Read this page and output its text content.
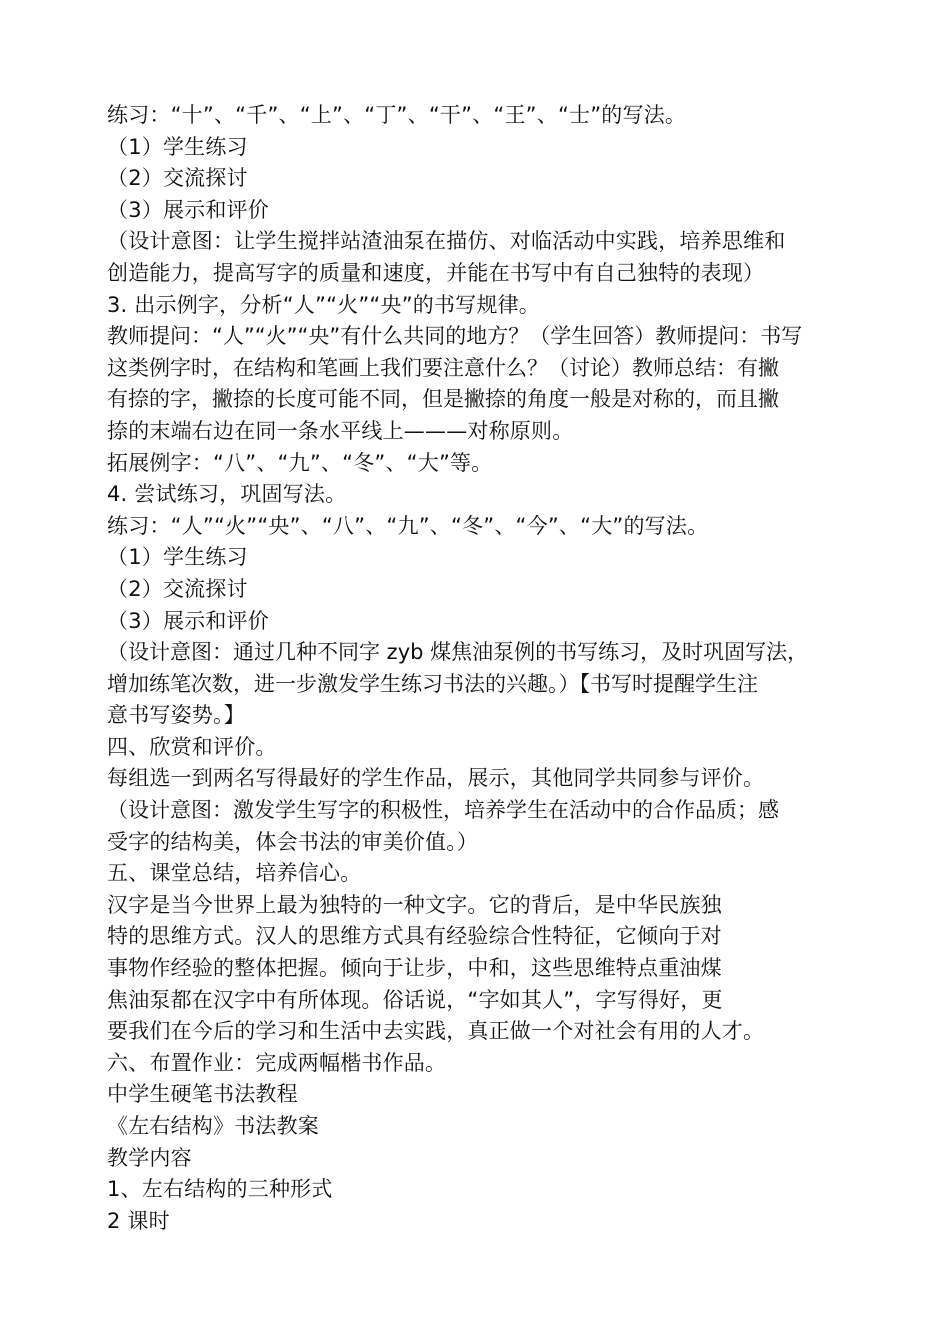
练习：“十”、“千”、“上”、“丁”、“干”、“王”、“士”的写法。
（1）学生练习
（2）交流探讨
（3）展示和评价
（设计意图：让学生搅拌站渣油泵在描仿、对临活动中实践，培养思维和
创造能力，提高写字的质量和速度，并能在书写中有自己独特的表现）
3. 出示例字，分析“人”“火”“央”的书写规律。
教师提问：“人”“火”“央”有什么共同的地方？（学生回答）教师提问：书写
这类例字时，在结构和笔画上我们要注意什么？（讨论）教师总结：有撇
有捺的字，撇捺的长度可能不同，但是撇捺的角度一般是对称的，而且撇
捺的末端右边在同一条水平线上———对称原则。
拓展例字：“八”、“九”、“冬”、“大”等。
4. 尝试练习，巩固写法。
练习：“人”“火”“央”、“八”、“九”、“冬”、“今”、“大”的写法。
（1）学生练习
（2）交流探讨
（3）展示和评价
（设计意图：通过几种不同字 zyb 煤焦油泵例的书写练习，及时巩固写法，
增加练笔次数，进一步激发学生练习书法的兴趣。）【书写时提醒学生注
意书写姿势。】
四、欣赏和评价。
每组选一到两名写得最好的学生作品，展示，其他同学共同参与评价。
（设计意图：激发学生写字的积极性，培养学生在活动中的合作品质；感
受字的结构美，体会书法的审美价值。）
五、课堂总结，培养信心。
汉字是当今世界上最为独特的一种文字。它的背后，是中华民族独
特的思维方式。汉人的思维方式具有经验综合性特征，它倾向于对
事物作经验的整体把握。倾向于让步，中和，这些思维特点重油煤
焦油泵都在汉字中有所体现。俗话说，“字如其人”，字写得好，更
要我们在今后的学习和生活中去实践，真正做一个对社会有用的人才。
六、布置作业：完成两幅楷书作品。
中学生硬笔书法教程
《左右结构》书法教案
教学内容
1、左右结构的三种形式
2 课时
